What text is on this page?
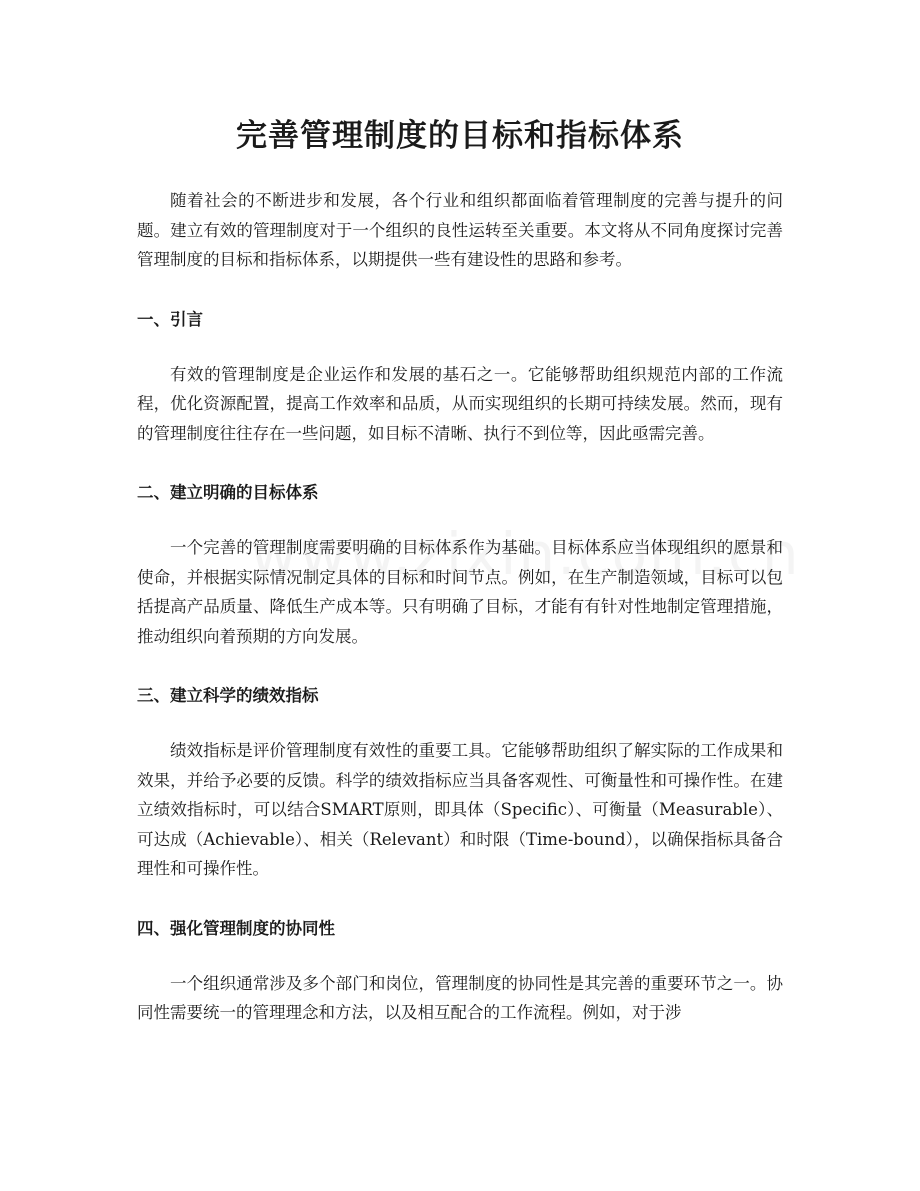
完善管理制度的目标和指标体系

随着社会的不断进步和发展，各个行业和组织都面临着管理制度的完善与提升的问题。建立有效的管理制度对于一个组织的良性运转至关重要。本文将从不同角度探讨完善管理制度的目标和指标体系，以期提供一些有建设性的思路和参考。

一、引言

有效的管理制度是企业运作和发展的基石之一。它能够帮助组织规范内部的工作流程，优化资源配置，提高工作效率和品质，从而实现组织的长期可持续发展。然而，现有的管理制度往往存在一些问题，如目标不清晰、执行不到位等，因此亟需完善。

二、建立明确的目标体系

一个完善的管理制度需要明确的目标体系作为基础。目标体系应当体现组织的愿景和使命，并根据实际情况制定具体的目标和时间节点。例如，在生产制造领域，目标可以包括提高产品质量、降低生产成本等。只有明确了目标，才能有有针对性地制定管理措施，推动组织向着预期的方向发展。

三、建立科学的绩效指标

绩效指标是评价管理制度有效性的重要工具。它能够帮助组织了解实际的工作成果和效果，并给予必要的反馈。科学的绩效指标应当具备客观性、可衡量性和可操作性。在建立绩效指标时，可以结合SMART原则，即具体（Specific）、可衡量（Measurable）、可达成（Achievable）、相关（Relevant）和时限（Time-bound），以确保指标具备合理性和可操作性。

四、强化管理制度的协同性

一个组织通常涉及多个部门和岗位，管理制度的协同性是其完善的重要环节之一。协同性需要统一的管理理念和方法，以及相互配合的工作流程。例如，对于涉
